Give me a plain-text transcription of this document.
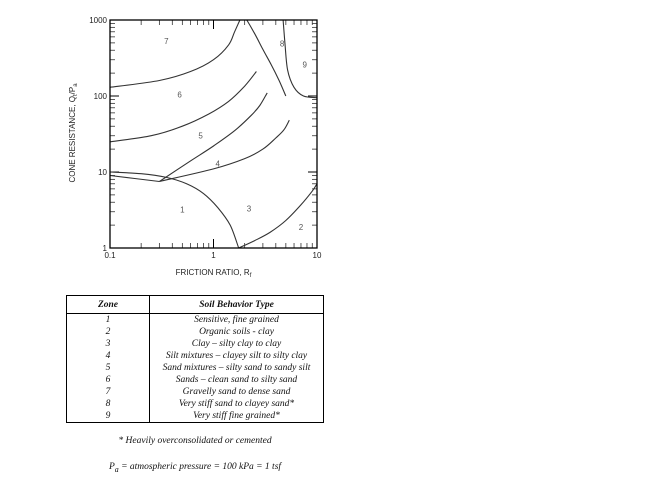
0.1	1	10
1
10
100
1000
1
2
3
4
5
6
7	8
9
FRICTION RATIO, $R_f$
CONE RESISTANCE, $Q_t/P_a$
Zone	Soil Behavior Type
1	Sensitive, fine grained
2	Organic soils - clay
3	Clay – silty clay to clay
4	Silt mixtures – clayey silt to silty clay
5	Sand mixtures – silty sand to sandy silt
6	Sands – clean sand to silty sand
7	Gravelly sand to dense sand
8	Very stiff sand to clayey sand*
9	Very stiff fine grained*
* Heavily overconsolidated or cemented
$P_a$ = atmospheric pressure = 100 kPa = 1 tsf
